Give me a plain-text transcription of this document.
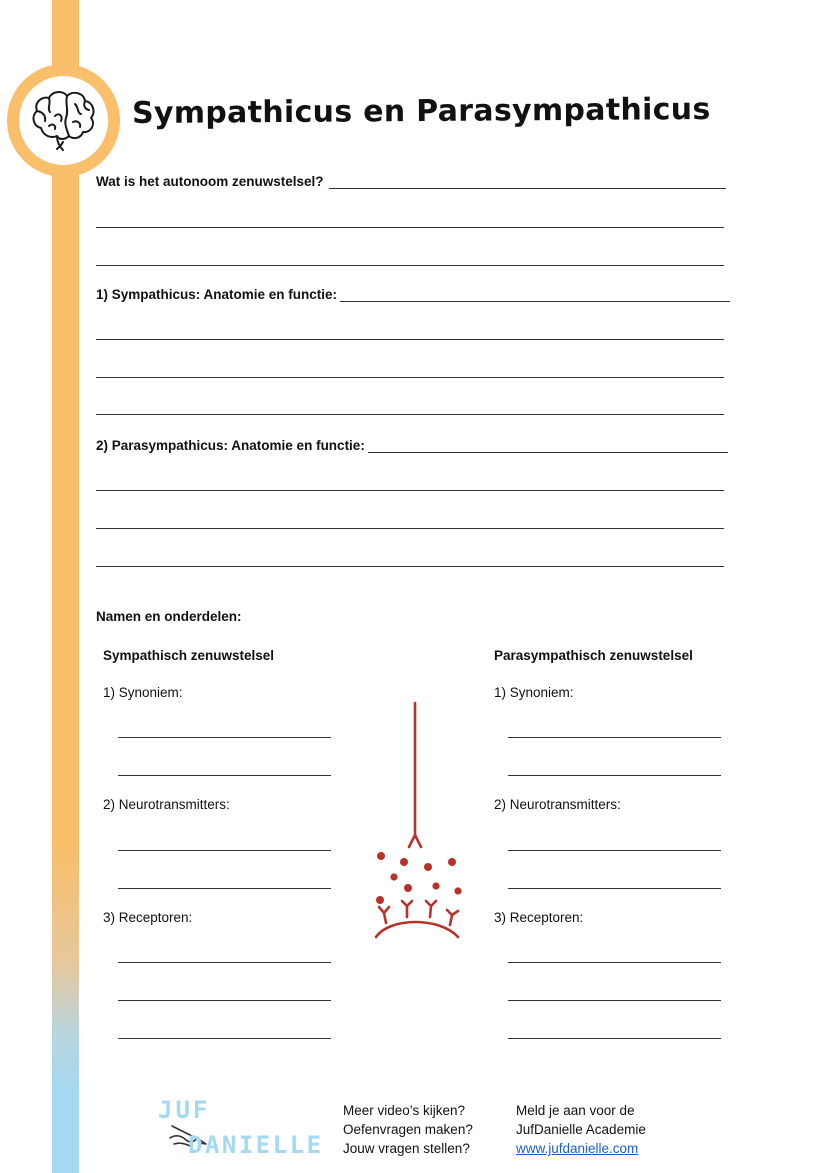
Sympathicus en Parasympathicus
Wat is het autonoom zenuwstelsel?
1) Sympathicus: Anatomie en functie:
2) Parasympathicus: Anatomie en functie:
Namen en onderdelen:
Sympathisch zenuwstelsel	Parasympathisch zenuwstelsel
1) Synoniem:
2) Neurotransmitters:
3) Receptoren:
1) Synoniem:
2) Neurotransmitters:
3) Receptoren:
JUF
DANIELLE
Meer video’s kijken?
Oefenvragen maken?
Jouw vragen stellen?
Meld je aan voor de
JufDanielle Academie
www.jufdanielle.com
